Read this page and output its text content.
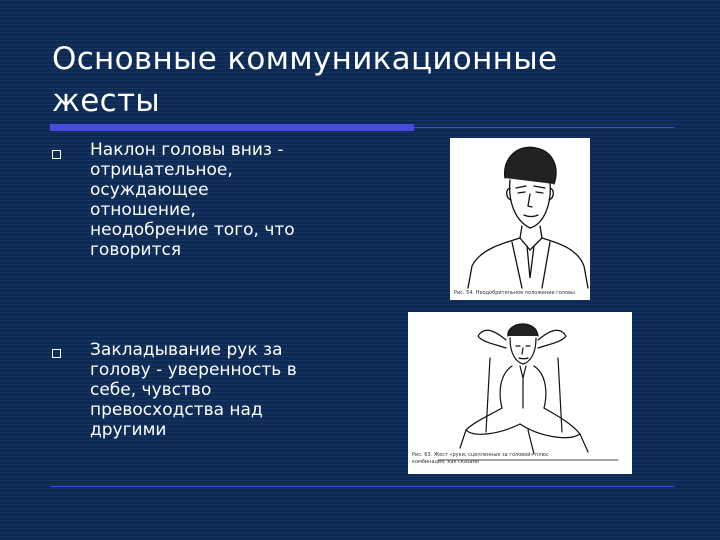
Основные коммуникационные
жесты

Наклон головы вниз -
отрицательное,
осуждающее
отношение,
неодобрение того, что
говорится

Закладывание рук за
голову - уверенность в
себе, чувство
превосходства над
другими

Рис. 54. Неодобрительное положение головы
Рис. 63. Жест «руки, сцепленные за головой» плюс
комбинация, как сказано
